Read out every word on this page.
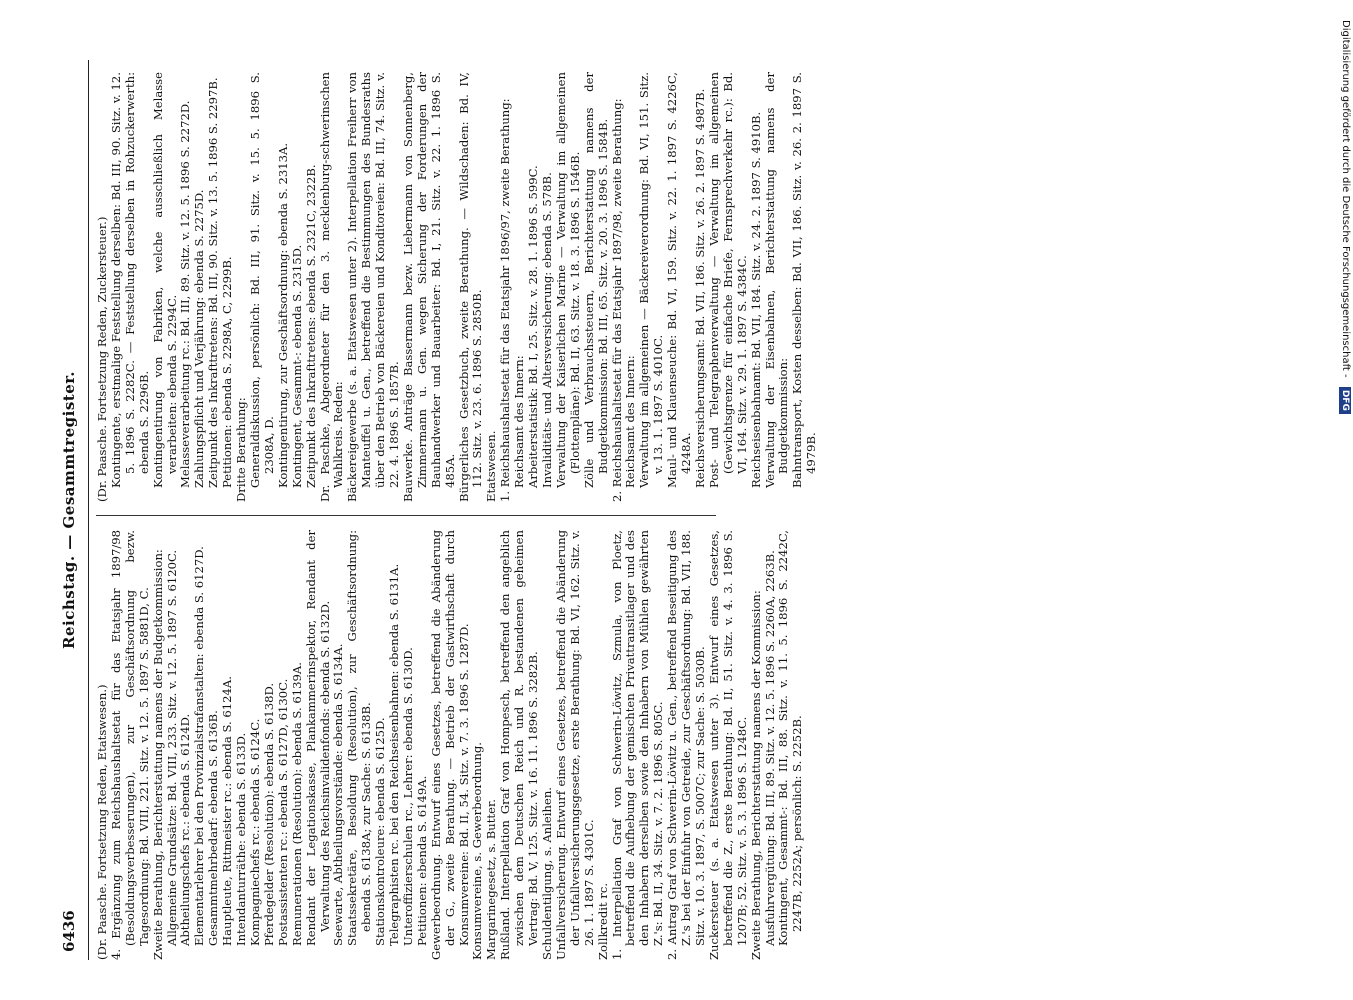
6436
Reichstag. — Gesammtregister.

(Dr. Paasche. Fortsetzung Reden, Etatswesen.) 4. Ergänzung zum Reichshaushaltsetat für das Etatsjahr 1897/98 (Besoldungsverbesserungen), zur Geschäftsordnung bezw. Tagesordnung: Bd. VIII, 221. Sitz. v. 12. 5. 1897 S. 5881D, C. Zweite Berathung, Berichterstattung namens der Budgetkommission: Allgemeine Grundsätze: Bd. VIII, 233. Sitz. v. 12. 5. 1897 S. 6120C. Abtheilungschefs rc.: ebenda S. 6124D. Elementarlehrer bei den Provinzialstrafanstalten: ebenda S. 6127D. Gesammtmehrbedarf: ebenda S. 6136B. Hauptleute, Rittmeister rc.: ebenda S. 6124A. Intendanturräthe: ebenda S. 6133D. Kompagniechefs rc.: ebenda S. 6124C. Pferdegelder (Resolution): ebenda S. 6138D. Postassistenten rc.: ebenda S. 6127D, 6130C. Remunerationen (Resolution): ebenda S. 6139A. Rendant der Legationskasse, Plankammerinspektor, Rendant der Verwaltung des Reichsinvalidenfonds: ebenda S. 6132D. Seewarte, Abtheilungsvorstände: ebenda S. 6134A. Staatssekretäre, Besoldung (Resolution), zur Geschäftsordnung: ebenda S. 6138A; zur Sache: S. 6138B. Stationskontroleure: ebenda S. 6125D. Telegraphisten rc. bei den Reichseisenbahnen: ebenda S. 6131A. Unteroffizierschulen rc., Lehrer: ebenda S. 6130D. Petitionen: ebenda S. 6149A. Gewerbeordnung. Entwurf eines Gesetzes, betreffend die Abänderung der G., zweite Berathung. — Betrieb der Gastwirthschaft durch Konsumvereine: Bd. II, 54. Sitz. v. 7. 3. 1896 S. 1287D. Konsumvereine, s. Gewerbeordnung. Margarinegesetz, s. Butter. Rußland. Interpellation Graf von Hompesch, betreffend den angeblich zwischen dem Deutschen Reich und R. bestandenen geheimen Vertrag: Bd. V, 125. Sitz. v. 16. 11. 1896 S. 3282B. Schuldentilgung, s. Anleihen. Unfallversicherung. Entwurf eines Gesetzes, betreffend die Abänderung der Unfallversicherungsgesetze, erste Berathung: Bd. VI, 162. Sitz. v. 26. 1. 1897 S. 4301C. Zollkredit rc. 1. Interpellation Graf von Schwerin-Löwitz, Szmula, von Ploetz, betreffend die Aufhebung der gemischten Privattransitlager und des den Inhabern derselben sowie den Inhabern von Mühlen gewährten Z.'s: Bd. II, 34. Sitz. v. 7. 2. 1896 S. 805C. 2. Antrag Graf von Schwerin-Löwitz u. Gen., betreffend Beseitigung des Z.'s bei der Einfuhr von Getreide, zur Geschäftsordnung: Bd. VII, 188. Sitz. v. 10. 3. 1897, S. 5007C; zur Sache: S. 5030B. Zuckersteuer (s. a. Etatswesen unter 3). Entwurf eines Gesetzes, betreffend die Z., erste Berathung: Bd. II, 51. Sitz. v. 4. 3. 1896 S. 1207B; 52. Sitz. v. 5. 3. 1896 S. 1248C. Zweite Berathung, Berichterstattung namens der Kommission: Ausfuhrvergütung: Bd. III, 89. Sitz. v. 12. 5. 1896 S. 2260A, 2263B. Kontingent, Gesammt-: Bd. III, 88. Sitz. v. 11. 5. 1896 S. 2242C, 2247B, 2252A; persönlich: S. 2252B.

(Dr. Paasche. Fortsetzung Reden, Zuckersteuer.) Kontingente, erstmalige Feststellung derselben: Bd. III, 90. Sitz. v. 12. 5. 1896 S. 2282C. — Feststellung derselben in Rohzuckerwerth: ebenda S. 2296B. Kontingentirung von Fabriken, welche ausschließlich Melasse verarbeiten: ebenda S. 2294C. Melasseverarbeitung rc.: Bd. III, 89. Sitz. v. 12. 5. 1896 S. 2272D. Zahlungspflicht und Verjährung: ebenda S. 2275D. Zeitpunkt des Inkrafttretens: Bd. III, 90. Sitz. v. 13. 5. 1896 S. 2297B. Petitionen: ebenda S. 2298A, C, 2299B. Dritte Berathung: Generaldiskussion, persönlich: Bd. III, 91. Sitz. v. 15. 5. 1896 S. 2308A, D. Kontingentirung, zur Geschäftsordnung: ebenda S. 2313A. Kontingent, Gesammt-: ebenda S. 2315D. Zeitpunkt des Inkrafttretens: ebenda S. 2321C, 2322B. Dr. Paschke, Abgeordneter für den 3. mecklenburg-schwerinschen Wahlkreis. Reden: Bäckereigewerbe (s. a. Etatswesen unter 2). Interpellation Freiherr von Manteuffel u. Gen., betreffend die Bestimmungen des Bundesraths über den Betrieb von Bäckereien und Konditoreien: Bd. III, 74. Sitz. v. 22. 4. 1896 S. 1857B. Bauwerke. Anträge Bassermann bezw. Liebermann von Sonnenberg, Zimmermann u. Gen. wegen Sicherung der Forderungen der Bauhandwerker und Bauarbeiter: Bd. I, 21. Sitz. v. 22. 1. 1896 S. 485A. Bürgerliches Gesetzbuch, zweite Berathung. — Wildschaden: Bd. IV, 112. Sitz. v. 23. 6. 1896 S. 2850B. Etatswesen. 1. Reichshaushaltsetat für das Etatsjahr 1896/97, zweite Berathung: Reichsamt des Innern: Arbeiterstatistik: Bd. I, 25. Sitz. v. 28. 1. 1896 S. 599C. Invaliditäts- und Altersversicherung: ebenda S. 578B. Verwaltung der Kaiserlichen Marine — Verwaltung im allgemeinen (Flottenpläne): Bd. II, 63. Sitz. v. 18. 3. 1896 S. 1546B. Zölle und Verbrauchssteuern, Berichterstattung namens der Budgetkommission: Bd. III, 65. Sitz. v. 20. 3. 1896 S. 1584B. 2. Reichshaushaltsetat für das Etatsjahr 1897/98, zweite Berathung: Reichsamt des Innern: Verwaltung im allgemeinen — Bäckereiverordnung: Bd. VI, 151. Sitz. v. 13. 1. 1897 S. 4010C. Maul- und Klauenseuche: Bd. VI, 159. Sitz. v. 22. 1. 1897 S. 4226C, 4248A. Reichsversicherungsamt: Bd. VII, 186. Sitz. v. 26. 2. 1897 S. 4987B. Post- und Telegraphenverwaltung — Verwaltung im allgemeinen (Gewichtsgrenze für einfache Briefe, Fernsprechverkehr rc.): Bd. VI, 164. Sitz. v. 29. 1. 1897 S. 4384C. Reichseisenbahnamt: Bd. VII, 184. Sitz. v. 24. 2. 1897 S. 4910B. Verwaltung der Eisenbahnen, Berichterstattung namens der Budgetkommission: Bahntransport, Kosten desselben: Bd. VII, 186. Sitz. v. 26. 2. 1897 S. 4979B.

Digitalisierung gefördert durch die Deutsche Forschungsgemeinschaft - DFG
